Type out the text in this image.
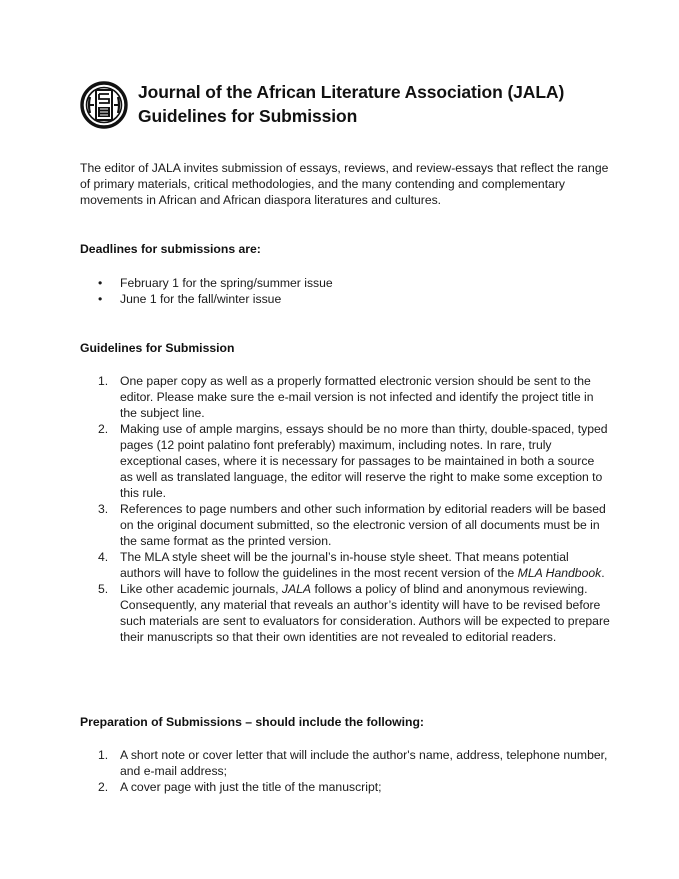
Journal of the African Literature Association (JALA)
Guidelines for Submission

The editor of JALA invites submission of essays, reviews, and review-essays that reflect the range of primary materials, critical methodologies, and the many contending and complementary movements in African and African diaspora literatures and cultures.

Deadlines for submissions are:
•	February 1 for the spring/summer issue
•	June 1 for the fall/winter issue
Guidelines for Submission
1. One paper copy as well as a properly formatted electronic version should be sent to the editor. Please make sure the e-mail version is not infected and identify the project title in the subject line.
2. Making use of ample margins, essays should be no more than thirty, double-spaced, typed pages (12 point palatino font preferably) maximum, including notes. In rare, truly exceptional cases, where it is necessary for passages to be maintained in both a source as well as translated language, the editor will reserve the right to make some exception to this rule.
3. References to page numbers and other such information by editorial readers will be based on the original document submitted, so the electronic version of all documents must be in the same format as the printed version.
4. The MLA style sheet will be the journal’s in-house style sheet. That means potential authors will have to follow the guidelines in the most recent version of the MLA Handbook.
5. Like other academic journals, JALA follows a policy of blind and anonymous reviewing. Consequently, any material that reveals an author’s identity will have to be revised before such materials are sent to evaluators for consideration. Authors will be expected to prepare their manuscripts so that their own identities are not revealed to editorial readers.
Preparation of Submissions – should include the following:
1. A short note or cover letter that will include the author's name, address, telephone number, and e-mail address;
2. A cover page with just the title of the manuscript;
